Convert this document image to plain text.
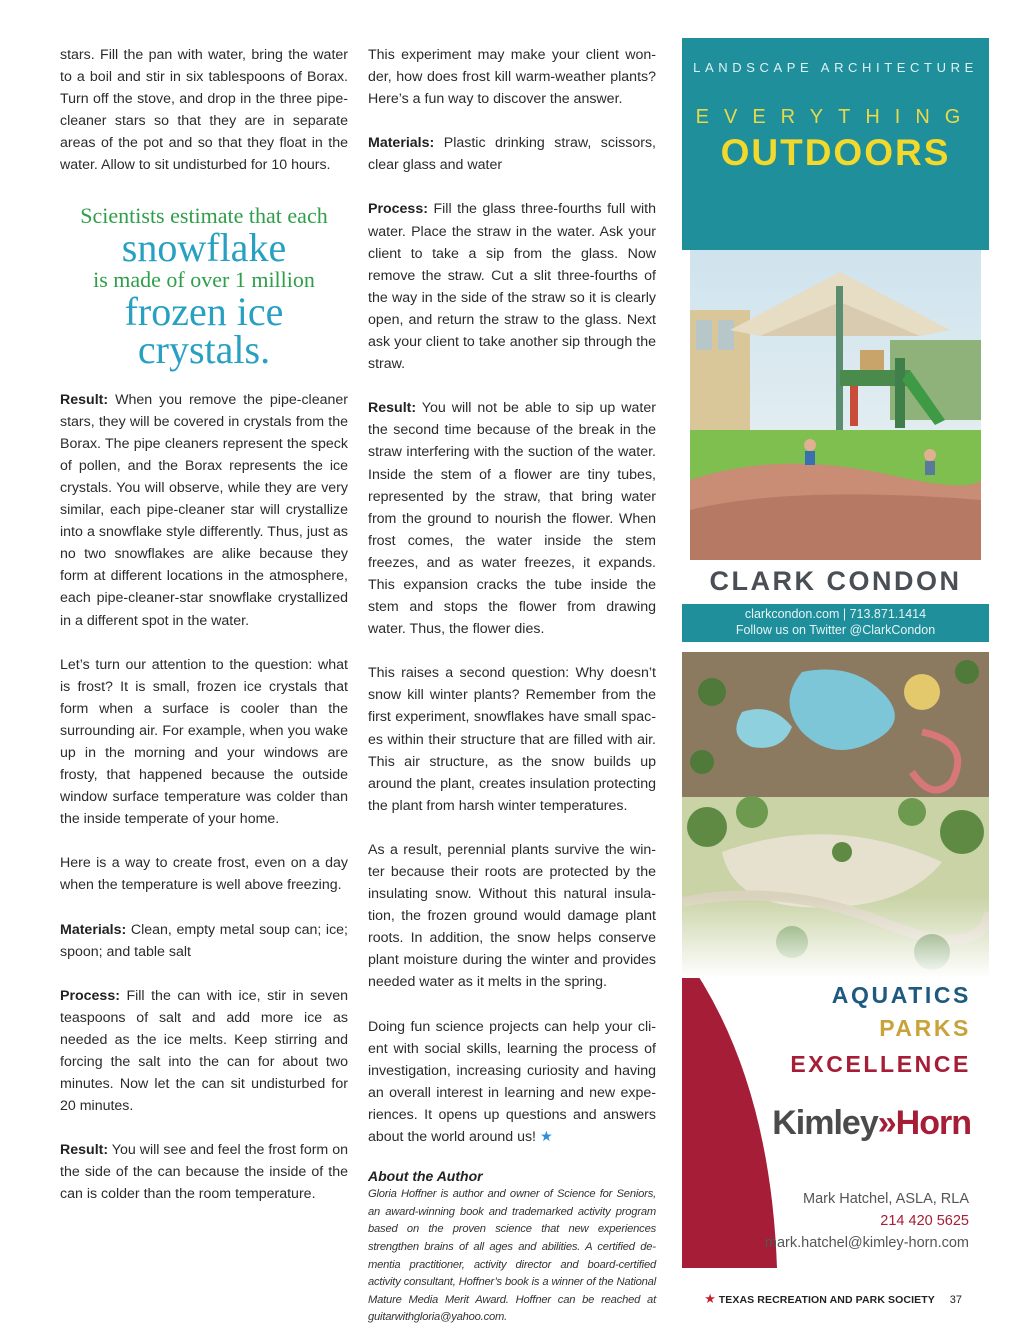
stars. Fill the pan with water, bring the water to a boil and stir in six tablespoons of Borax. Turn off the stove, and drop in the three pipe-cleaner stars so that they are in separate areas of the pot and so that they float in the water. Allow to sit undisturbed for 10 hours.

Scientists estimate that each
snowflake
is made of over 1 million
frozen ice
crystals.

Result: When you remove the pipe-cleaner stars, they will be covered in crystals from the Borax. The pipe cleaners represent the speck of pollen, and the Borax represents the ice crystals. You will observe, while they are very similar, each pipe-cleaner star will crystallize into a snowflake style differently. Thus, just as no two snowflakes are alike because they form at different locations in the atmosphere, each pipe-cleaner-star snowflake crystallized in a different spot in the water.

Let’s turn our attention to the question: what is frost? It is small, frozen ice crystals that form when a surface is cooler than the surrounding air. For example, when you wake up in the morning and your windows are frosty, that happened because the outside window surface temperature was colder than the inside temperate of your home.

Here is a way to create frost, even on a day when the temperature is well above freezing.

Materials: Clean, empty metal soup can; ice; spoon; and table salt

Process: Fill the can with ice, stir in seven teaspoons of salt and add more ice as needed as the ice melts. Keep stirring and forcing the salt into the can for about two minutes. Now let the can sit undisturbed for 20 minutes.

Result: You will see and feel the frost form on the side of the can because the inside of the can is colder than the room temperature.

This experiment may make your client wonder, how does frost kill warm-weather plants? Here’s a fun way to discover the answer.

Materials: Plastic drinking straw, scissors, clear glass and water

Process: Fill the glass three-fourths full with water. Place the straw in the water. Ask your client to take a sip from the glass. Now remove the straw. Cut a slit three-fourths of the way in the side of the straw so it is clearly open, and return the straw to the glass. Next ask your client to take another sip through the straw.

Result: You will not be able to sip up water the second time because of the break in the straw interfering with the suction of the water. Inside the stem of a flower are tiny tubes, represented by the straw, that bring water from the ground to nourish the flower. When frost comes, the water inside the stem freezes, and as water freezes, it expands. This expansion cracks the tube inside the stem and stops the flower from drawing water. Thus, the flower dies.

This raises a second question: Why doesn’t snow kill winter plants? Remember from the first experiment, snowflakes have small spaces within their structure that are filled with air. This air structure, as the snow builds up around the plant, creates insulation protecting the plant from harsh winter temperatures.

As a result, perennial plants survive the winter because their roots are protected by the insulating snow. Without this natural insulation, the frozen ground would damage plant roots. In addition, the snow helps conserve plant moisture during the winter and provides needed water as it melts in the spring.

Doing fun science projects can help your client with social skills, learning the process of investigation, increasing curiosity and having an overall interest in learning and new experiences. It opens up questions and answers about the world around us! ★

About the Author

Gloria Hoffner is author and owner of Science for Seniors, an award-winning book and trademarked activity program based on the proven science that new experiences strengthen brains of all ages and abilities. A certified dementia practitioner, activity director and board-certified activity consultant, Hoffner’s book is a winner of the National Mature Media Merit Award. Hoffner can be reached at guitarwithgloria@yahoo.com.

LANDSCAPE ARCHITECTURE
EVERYTHING
OUTDOORS
CLARK CONDON
clarkcondon.com | 713.871.1414
Follow us on Twitter @ClarkCondon
AQUATICS
PARKS
EXCELLENCE
Kimley»Horn
Mark Hatchel, ASLA, RLA
214 420 5625
mark.hatchel@kimley-horn.com
★ TEXAS RECREATION AND PARK SOCIETY 37
